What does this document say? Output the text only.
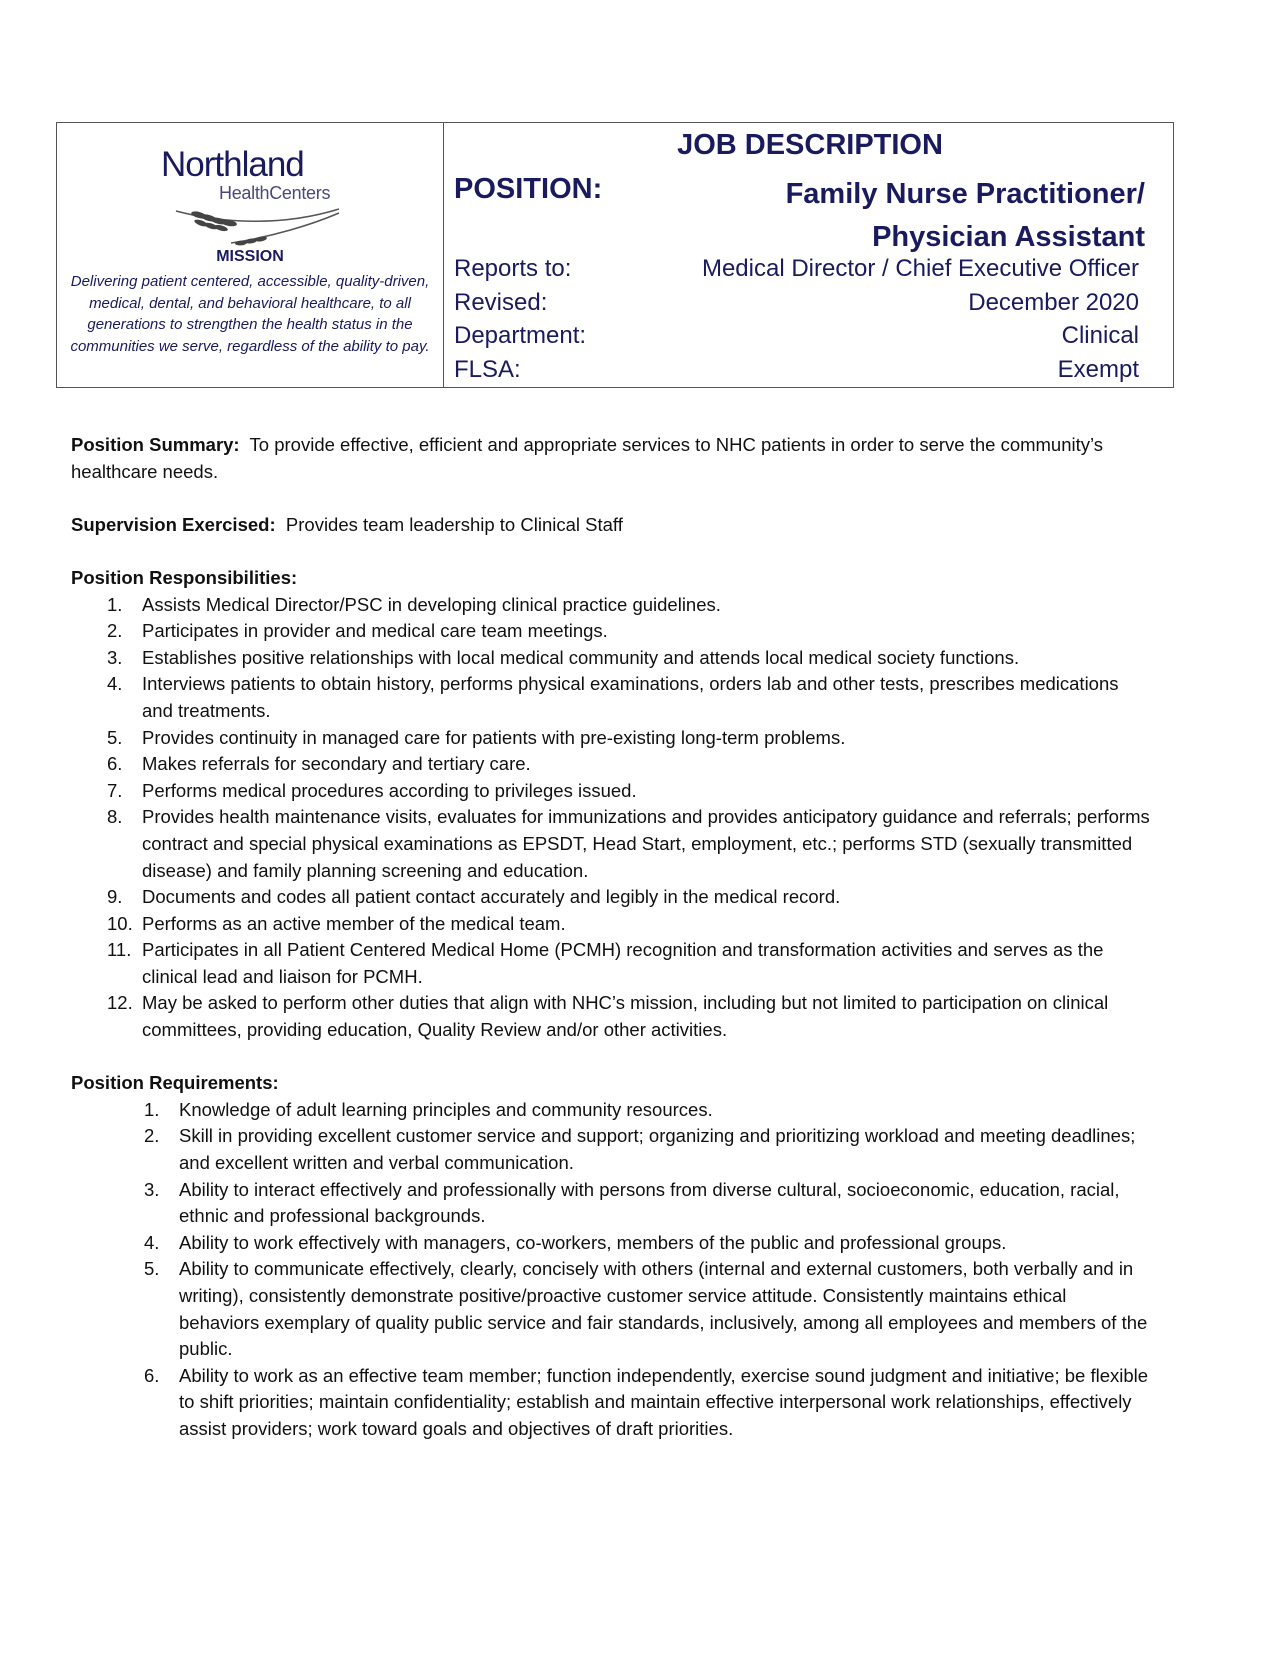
Northland
HealthCenters
MISSION
Delivering patient centered, accessible, quality-driven, medical, dental, and behavioral healthcare, to all generations to strengthen the health status in the communities we serve, regardless of the ability to pay.
JOB DESCRIPTION
POSITION:	Family Nurse Practitioner/
Physician Assistant
Reports to:	Medical Director / Chief Executive Officer
Revised:	December 2020
Department:	Clinical
FLSA:	Exempt

Position Summary: To provide effective, efficient and appropriate services to NHC patients in order to serve the community’s healthcare needs.

Supervision Exercised: Provides team leadership to Clinical Staff

Position Responsibilities:

1. Assists Medical Director/PSC in developing clinical practice guidelines.
2. Participates in provider and medical care team meetings.
3. Establishes positive relationships with local medical community and attends local medical society functions.
4. Interviews patients to obtain history, performs physical examinations, orders lab and other tests, prescribes medications and treatments.
5. Provides continuity in managed care for patients with pre-existing long-term problems.
6. Makes referrals for secondary and tertiary care.
7. Performs medical procedures according to privileges issued.
8. Provides health maintenance visits, evaluates for immunizations and provides anticipatory guidance and referrals; performs contract and special physical examinations as EPSDT, Head Start, employment, etc.; performs STD (sexually transmitted disease) and family planning screening and education.
9. Documents and codes all patient contact accurately and legibly in the medical record.
10. Performs as an active member of the medical team.
11. Participates in all Patient Centered Medical Home (PCMH) recognition and transformation activities and serves as the clinical lead and liaison for PCMH.
12. May be asked to perform other duties that align with NHC’s mission, including but not limited to participation on clinical committees, providing education, Quality Review and/or other activities.

Position Requirements:

1. Knowledge of adult learning principles and community resources.
2. Skill in providing excellent customer service and support; organizing and prioritizing workload and meeting deadlines; and excellent written and verbal communication.
3. Ability to interact effectively and professionally with persons from diverse cultural, socioeconomic, education, racial, ethnic and professional backgrounds.
4. Ability to work effectively with managers, co-workers, members of the public and professional groups.
5. Ability to communicate effectively, clearly, concisely with others (internal and external customers, both verbally and in writing), consistently demonstrate positive/proactive customer service attitude. Consistently maintains ethical behaviors exemplary of quality public service and fair standards, inclusively, among all employees and members of the public.
6. Ability to work as an effective team member; function independently, exercise sound judgment and initiative; be flexible to shift priorities; maintain confidentiality; establish and maintain effective interpersonal work relationships, effectively assist providers; work toward goals and objectives of draft priorities.
